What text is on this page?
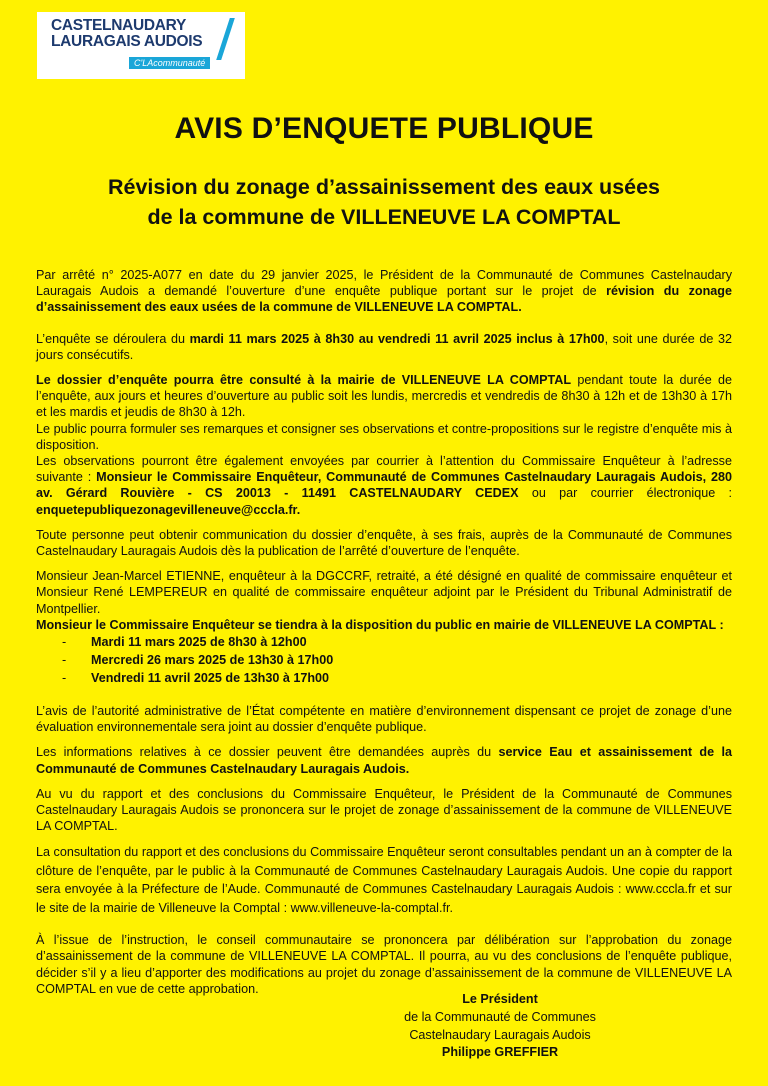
CASTELNAUDARY
LAURAGAIS AUDOIS
C'LAcommunauté
AVIS D’ENQUETE PUBLIQUE
Révision du zonage d’assainissement des eaux usées
de la commune de VILLENEUVE LA COMPTAL

Par arrêté n° 2025-A077 en date du 29 janvier 2025, le Président de la Communauté de Communes Castelnaudary Lauragais Audois a demandé l’ouverture d’une enquête publique portant sur le projet de révision du zonage d’assainissement des eaux usées de la commune de VILLENEUVE LA COMPTAL.

L’enquête se déroulera du mardi 11 mars 2025 à 8h30 au vendredi 11 avril 2025 inclus à 17h00, soit une durée de 32 jours consécutifs.

Le dossier d’enquête pourra être consulté à la mairie de VILLENEUVE LA COMPTAL pendant toute la durée de l’enquête, aux jours et heures d’ouverture au public soit les lundis, mercredis et vendredis de 8h30 à 12h et de 13h30 à 17h et les mardis et jeudis de 8h30 à 12h.

Le public pourra formuler ses remarques et consigner ses observations et contre-propositions sur le registre d’enquête mis à disposition.

Les observations pourront être également envoyées par courrier à l’attention du Commissaire Enquêteur à l’adresse suivante : Monsieur le Commissaire Enquêteur, Communauté de Communes Castelnaudary Lauragais Audois, 280 av. Gérard Rouvière - CS 20013 - 11491 CASTELNAUDARY CEDEX ou par courrier électronique : enquetepubliquezonagevilleneuve@cccla.fr.

Toute personne peut obtenir communication du dossier d’enquête, à ses frais, auprès de la Communauté de Communes Castelnaudary Lauragais Audois dès la publication de l’arrêté d’ouverture de l’enquête.

Monsieur Jean-Marcel ETIENNE, enquêteur à la DGCCRF, retraité, a été désigné en qualité de commissaire enquêteur et Monsieur René LEMPEREUR en qualité de commissaire enquêteur adjoint par le Président du Tribunal Administratif de Montpellier.

Monsieur le Commissaire Enquêteur se tiendra à la disposition du public en mairie de VILLENEUVE LA COMPTAL :

- Mardi 11 mars 2025 de 8h30 à 12h00
- Mercredi 26 mars 2025 de 13h30 à 17h00
- Vendredi 11 avril 2025 de 13h30 à 17h00

L’avis de l’autorité administrative de l’État compétente en matière d’environnement dispensant ce projet de zonage d’une évaluation environnementale sera joint au dossier d’enquête publique.

Les informations relatives à ce dossier peuvent être demandées auprès du service Eau et assainissement de la Communauté de Communes Castelnaudary Lauragais Audois.

Au vu du rapport et des conclusions du Commissaire Enquêteur, le Président de la Communauté de Communes Castelnaudary Lauragais Audois se prononcera sur le projet de zonage d’assainissement de la commune de VILLENEUVE LA COMPTAL.

La consultation du rapport et des conclusions du Commissaire Enquêteur seront consultables pendant un an à compter de la clôture de l’enquête, par le public à la Communauté de Communes Castelnaudary Lauragais Audois. Une copie du rapport sera envoyée à la Préfecture de l’Aude. Communauté de Communes Castelnaudary Lauragais Audois : www.cccla.fr et sur le site de la mairie de Villeneuve la Comptal : www.villeneuve-la-comptal.fr.

À l’issue de l’instruction, le conseil communautaire se prononcera par délibération sur l’approbation du zonage d’assainissement de la commune de VILLENEUVE LA COMPTAL. Il pourra, au vu des conclusions de l’enquête publique, décider s’il y a lieu d’apporter des modifications au projet du zonage d’assainissement de la commune de VILLENEUVE LA COMPTAL en vue de cette approbation.

Le Président
de la Communauté de Communes
Castelnaudary Lauragais Audois
Philippe GREFFIER
